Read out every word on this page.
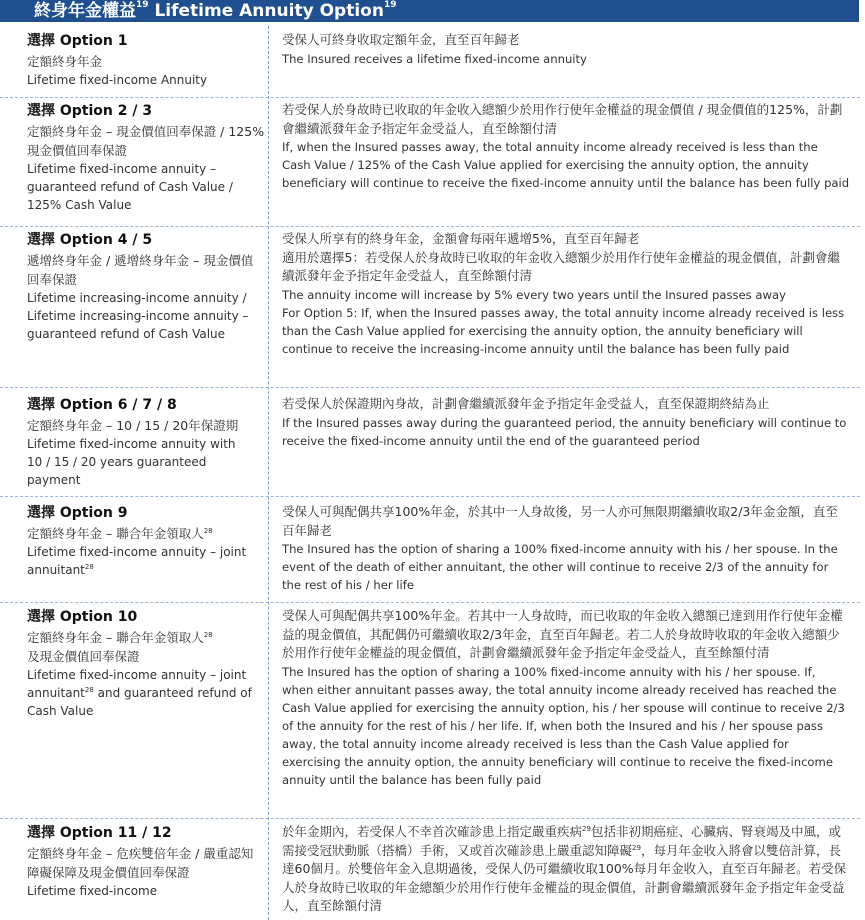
終身年金權益$^{19}$ Lifetime Annuity Option$^{19}$
選擇 Option 1
定額終身年金
Lifetime fixed-income Annuity
受保人可終身收取定額年金，直至百年歸老
The Insured receives a lifetime fixed-income annuity
選擇 Option 2 / 3
定額終身年金 – 現金價值回奉保證 / 125%現金價值回奉保證
Lifetime fixed-income annuity – guaranteed refund of Cash Value / 125% Cash Value
若受保人於身故時已收取的年金收入總額少於用作行使年金權益的現金價值 / 現金價值的125%，計劃會繼續派發年金予指定年金受益人，直至餘額付清
If, when the Insured passes away, the total annuity income already received is less than the Cash Value / 125% of the Cash Value applied for exercising the annuity option, the annuity beneficiary will continue to receive the fixed-income annuity until the balance has been fully paid
選擇 Option 4 / 5
遞增終身年金 / 遞增終身年金 – 現金價值回奉保證
Lifetime increasing-income annuity / Lifetime increasing-income annuity – guaranteed refund of Cash Value
受保人所享有的終身年金，金額會每兩年遞增5%，直至百年歸老
適用於選擇5：若受保人於身故時已收取的年金收入總額少於用作行使年金權益的現金價值，計劃會繼續派發年金予指定年金受益人，直至餘額付清
The annuity income will increase by 5% every two years until the Insured passes away
For Option 5: If, when the Insured passes away, the total annuity income already received is less than the Cash Value applied for exercising the annuity option, the annuity beneficiary will continue to receive the increasing-income annuity until the balance has been fully paid
選擇 Option 6 / 7 / 8
定額終身年金 – 10 / 15 / 20年保證期
Lifetime fixed-income annuity with 10 / 15 / 20 years guaranteed payment
若受保人於保證期內身故，計劃會繼續派發年金予指定年金受益人，直至保證期終結為止
If the Insured passes away during the guaranteed period, the annuity beneficiary will continue to receive the fixed-income annuity until the end of the guaranteed period
選擇 Option 9
定額終身年金 – 聯合年金領取人$^{28}$
Lifetime fixed-income annuity – joint annuitant$^{28}$
受保人可與配偶共享100%年金，於其中一人身故後，另一人亦可無限期繼續收取2/3年金金額，直至百年歸老
The Insured has the option of sharing a 100% fixed-income annuity with his / her spouse. In the event of the death of either annuitant, the other will continue to receive 2/3 of the annuity for the rest of his / her life
選擇 Option 10
定額終身年金 – 聯合年金領取人$^{28}$
及現金價值回奉保證
Lifetime fixed-income annuity – joint annuitant$^{28}$ and guaranteed refund of Cash Value
受保人可與配偶共享100%年金。若其中一人身故時，而已收取的年金收入總額已達到用作行使年金權益的現金價值，其配偶仍可繼續收取2/3年金，直至百年歸老。若二人於身故時收取的年金收入總額少於用作行使年金權益的現金價值，計劃會繼續派發年金予指定年金受益人，直至餘額付清
The Insured has the option of sharing a 100% fixed-income annuity with his / her spouse. If, when either annuitant passes away, the total annuity income already received has reached the Cash Value applied for exercising the annuity option, his / her spouse will continue to receive 2/3 of the annuity for the rest of his / her life. If, when both the Insured and his / her spouse pass away, the total annuity income already received is less than the Cash Value applied for exercising the annuity option, the annuity beneficiary will continue to receive the fixed-income annuity until the balance has been fully paid
選擇 Option 11 / 12
定額終身年金 – 危疾雙倍年金 / 嚴重認知障礙保障及現金價值回奉保證
Lifetime fixed-income
於年金期內，若受保人不幸首次確診患上指定嚴重疾病$^{29}$包括非初期癌症、心臟病、腎衰竭及中風，或需接受冠狀動脈（搭橋）手術，又或首次確診患上嚴重認知障礙$^{29}$，每月年金收入將會以雙倍計算，長達60個月。於雙倍年金入息期過後，受保人仍可繼續收取100%每月年金收入，直至百年歸老。若受保人於身故時已收取的年金總額少於用作行使年金權益的現金價值，計劃會繼續派發年金予指定年金受益人，直至餘額付清
